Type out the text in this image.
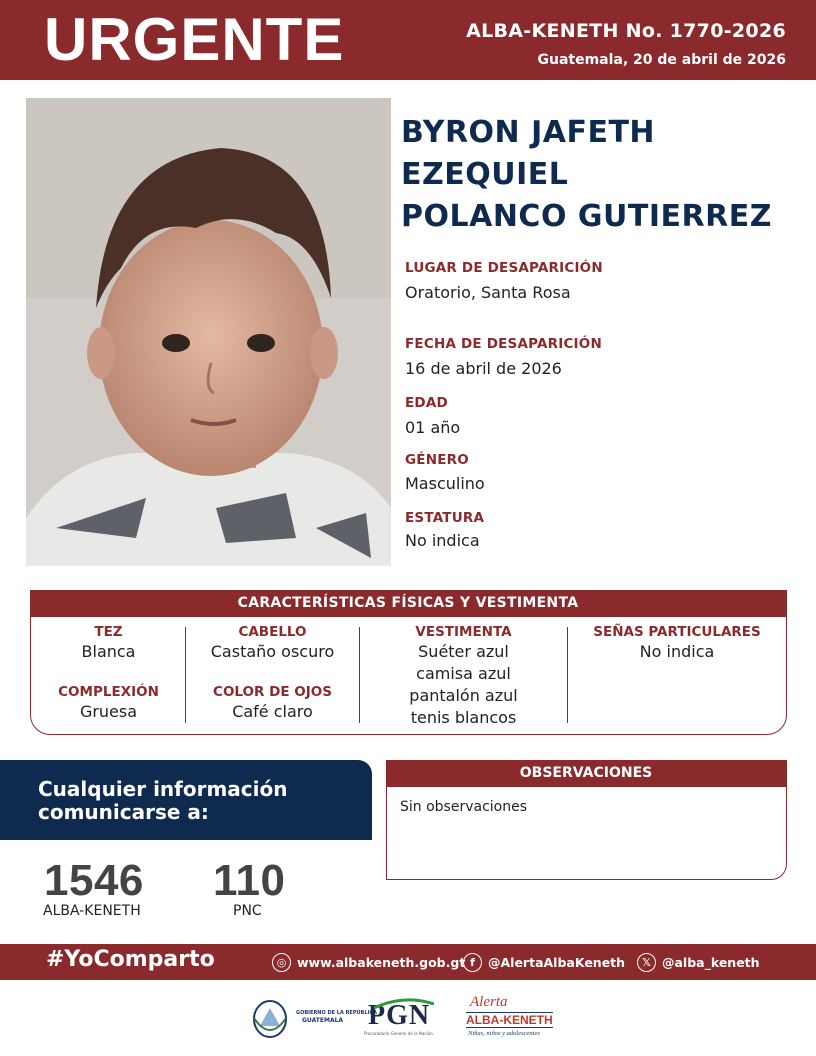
URGENTE	ALBA-KENETH No. 1770-2026
Guatemala, 20 de abril de 2026
BYRON JAFETH
EZEQUIEL
POLANCO GUTIERREZ
LUGAR DE DESAPARICIÓN
Oratorio, Santa Rosa
FECHA DE DESAPARICIÓN
16 de abril de 2026
EDAD
01 año
GÉNERO
Masculino
ESTATURA
No indica
CARACTERÍSTICAS FÍSICAS Y VESTIMENTA
TEZ
Blanca
COMPLEXIÓN
Gruesa
CABELLO
Castaño oscuro
COLOR DE OJOS
Café claro
VESTIMENTA
Suéter azul
camisa azul
pantalón azul
tenis blancos
SEÑAS PARTICULARES
No indica
Cualquier información
comunicarse a:
1546
ALBA-KENETH
110
PNC
OBSERVACIONES
Sin observaciones
#YoComparto	◎ www.albakeneth.gob.gt f	@AlertaAlbaKeneth	𝕏 @alba_keneth
GOBIERNO DE LA REPÚBLICA
GUATEMALA PGN
Procuraduría General de la Nación
Alerta
ALBA-KENETH
Niñas, niños y adolescentes
